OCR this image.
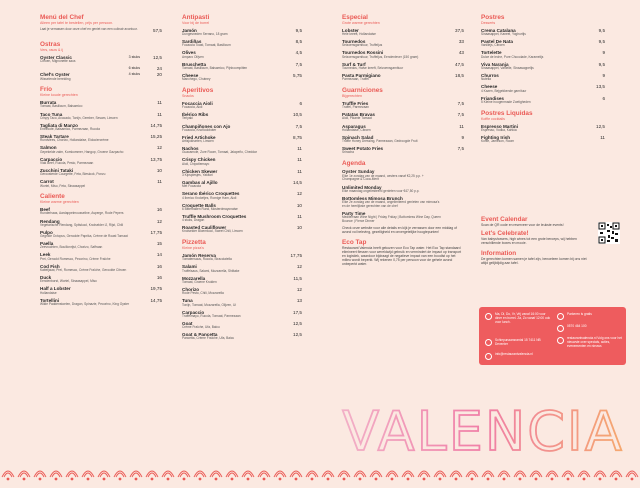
Menú del Chef
Alleen per tafel te bestellen, prijs per persoon.
Laat je verrassen door onze chef en geniet van een culinair avontuur.	57,5
Ostras
Vers, rauw & ij
Oyster Classic
Citroen, Mignonette saus
3 stuks	12,5
6 stuks	24
Chef's Oyster
Wisselende bereiding
4 stuks	20
Frío
Kleine koude gerechten
Burrata
Tomaat, Basilicum, Balsamico
11
Taco Tuna
Crispy Taco, Avocado, Tonijn, Gember, Sesam, Limoen
11
Tagliata di Manzo
Entrecote, Balsamico, Parmezaan, Rucola
14,75
Steak Tartare
Rundvlees, Chorizo, Hollandaise, Eidooiercrème
15,25
Salmon
Gepekelde zalm, Komkommer, Hangop, Groene Gazpacho
12
Carpaccio
Vlak Beef, Rucola, Pesto, Parmezaan
13,75
Zucchini Tataki
Geroosterde Courgette, Feta, Bieslook, Ponzu
10
Carrot
Wortel, Miso, Feta, Sinaasappel
11
Caliente
Kleine warme gerechten
Beef
Runderhaas, Aardappelmousseline, Asperge, Rode Pepers
16
Rendang
Vegetarische Rendang, Spitskool, Knolselder IJ, Rijst, Chili
12
Pulpo
Gegrilde Octopus, Gerookte Paprika, Crème de Roast Tomaat
17,75
Paella
Zeevruchten, Bouillonrijst, Chorizo, Saffraan
15
Leek
Prei, Gerookt Romesco, Pecorino, Crème Fraîche
14
Cod Fish
Kabeljauw, Prei, Romesco, Crème Fraîche, Gerookte Citroen
16
Duck
Eendenborst, Wortel, Sinaasappel, Miso
16
Half a Lobster
Hollandaise
19,75
Tortellini
Wilde Paddenstoelen, Dragon, Spinazie, Pecorino, King Oyster
14,75
Antipasti
Voor bij de borrel
Jamón
Dungesneden Serrano, 18 gram
9,5
Sardiñas
Focaccia Toast, Tomaat, Basilicum
8,5
Olives
Amparo Olijven
4,5
Bruschetta
Tomaat, Basilicum, Balsamico, Pijnboompitten
7,5
Cheese
Manchego, Chutney
5,75
Aperitivos
Snacks
Focaccia Aioli
Focaccia, Aioli
6
Ibérico Ribs
Teriyaki
10,5
Champiñones con Ajo
Focaccia, Knoflookboter
7,5
Fried Artichoke
Artisjokharten, Limoen
8,75
Nachos
Guacamole, Zure Room, Tomaat, Jalapeño, Cheddar
11
Crispy Chicken
Aioli, Chipotlemayo
11
Chicken Skewer
3 Kipspiesjes, Yakitori
11
Gambas al Ajillo
Met Focaccia
14,5
Serano Ibérico Croquettes
4 Iberico Kroketjes, Romige Ham, Aioli
12
Croquette Balls
6 Bitterballen Rund, Mosterdmayonaise
10
Truffle Mushroom Croquettes
4 stuks, Dragon
11
Roasted Cauliflower
Knolselder Bloemkool, Sweet Chili, Limoen
10
Pizzetta
Kleine pizza's
Jamón Reserva
Tomatensaus, Rucola, Stracciatella
17,75
Salami
Truffelsaus, Salami, Mozzarella, Shiitake
12
Mozzarella
Tomaat, Groene Kruiden
11,5
Chorizo
Rode Pesto, Chili, Mozzarella
12
Tuna
Tonijn, Tomaat, Mozzarella, Olijven, Ui
13
Carpaccio
Truffelmayo, Rucola, Tomaat, Parmezaan
17,5
Goat
Crème Fraîche, Ufa, Baicu
12,5
Goat & Pancetta
Pancetta, Crème Fraîche, Ufa, Baicu
12,5
Especial
Grote warme gerechten
Lobster
Hele kreeft, Hollandaise
37,5
Tournedos
Seizoensgarnituur, Truffeljus
33
Tournedos Rossini
Seizoensgarnituur, Truffeljus, Eendenlever (150 gram)
43
Surf & Turf
Tournedos, Halve kreeft, Seizoensgarnituur
47,5
Pasta Parmigiano
Parmezaan, Truffel
18,5
Guarniciones
Bijgerechten
Truffle Fries
Truffel, Parmezaan
7,5
Patatas Bravas
Aioli, Pikante Tomaat
7,5
Asparagus
Hollandaise, Citroen
11
Spinach Salad
Truffle Honey Dressing, Parmezaan, Gedroogde Fruit
9
Sweet Potato Fries
Sriracha
7,5
Agenda
Oyster Sunday
Elke 1e zondag van de maand, oesters vanaf €2,25 p.p. + Champagne & Coca-Merit
Unlimited Monday
Elke maandag ongelimiteerd genieten voor €47,50 p.p.
Bottomless Mimosa Brunch
Elke 2e zondag van de maand, ongelimiteerd genieten van mimosa's en de heerlijkste gerechten van de chef
Party Time
Mediterraan Wine Night | Friday Friday | Bottomless Wine Day, Queen Bounce | Fierce Dinner
Check onze website voor alle details en kijk je verrassen door een middag of avond vol beleving, gezelligheid en onvergetelijke hoogtepunten!
Eco Tap
Restaurant Valencia heeft gekozen voor Eco Tap water. Het Eco Tap standaard elimineert flessen voor wereldwijd gebruik en vermindert de impact op transport en logistiek, waardoor bijdraagt de negatieve impact van een boodlst op het milieu wordt beperkt. Wij rekenen 0,75 per persoon voor de gehele avond onbeperkt water.
Postres
Desserts
Crema Catalana
Sinaasappel, Kaneel, Yoghurtijs
9,5
Pastel De Nata
Vanillejs, Citroen
9,5
Tortelette
Dulce de leche, Pure Chocolade, Karamelijs
9
Viva Naranja
Sinaasappel, Vanielle, Sinaasappelijs
9,5
Churros
Nutella
9
Cheese
4 Kazen, Bejgekkende garnituur
13,5
Friandises
5 Kleine hoogenmade Zoetigheden
6
Postres Liquidas
Koffie cocktails
Espresso Martini
Espresso, Vodka, Kahlúa
12,5
Fighting Irish
Koffie, Jameson, Room
11
Event Calendar
Scan de QR code en reserveer voor de leukste events!
Let's Celebrate!
Van babyshowers, high wines tot een grote beroeps, wij hebben verschillende boxes en mooie.
Information
De gerechten komen samen je tafel zijn, benoeleen komen bij ons niet altijd gelijktijdig aan tafel.
Ma, Di, Do, Vr, Vrij vanaf 16:00 voor diner en borrel. Za, Zo vanaf 12:00 ook voor lunch.
Schiepunaansrantal 15 7411 NB Deventer
info@restaurantvalencia.nl
Parkeren is gratis
0570 464 100
restaurantvalencia.nl Volg ons voor het nieuwste over specials, acties, evenementen en nieuws
VALENCIA
